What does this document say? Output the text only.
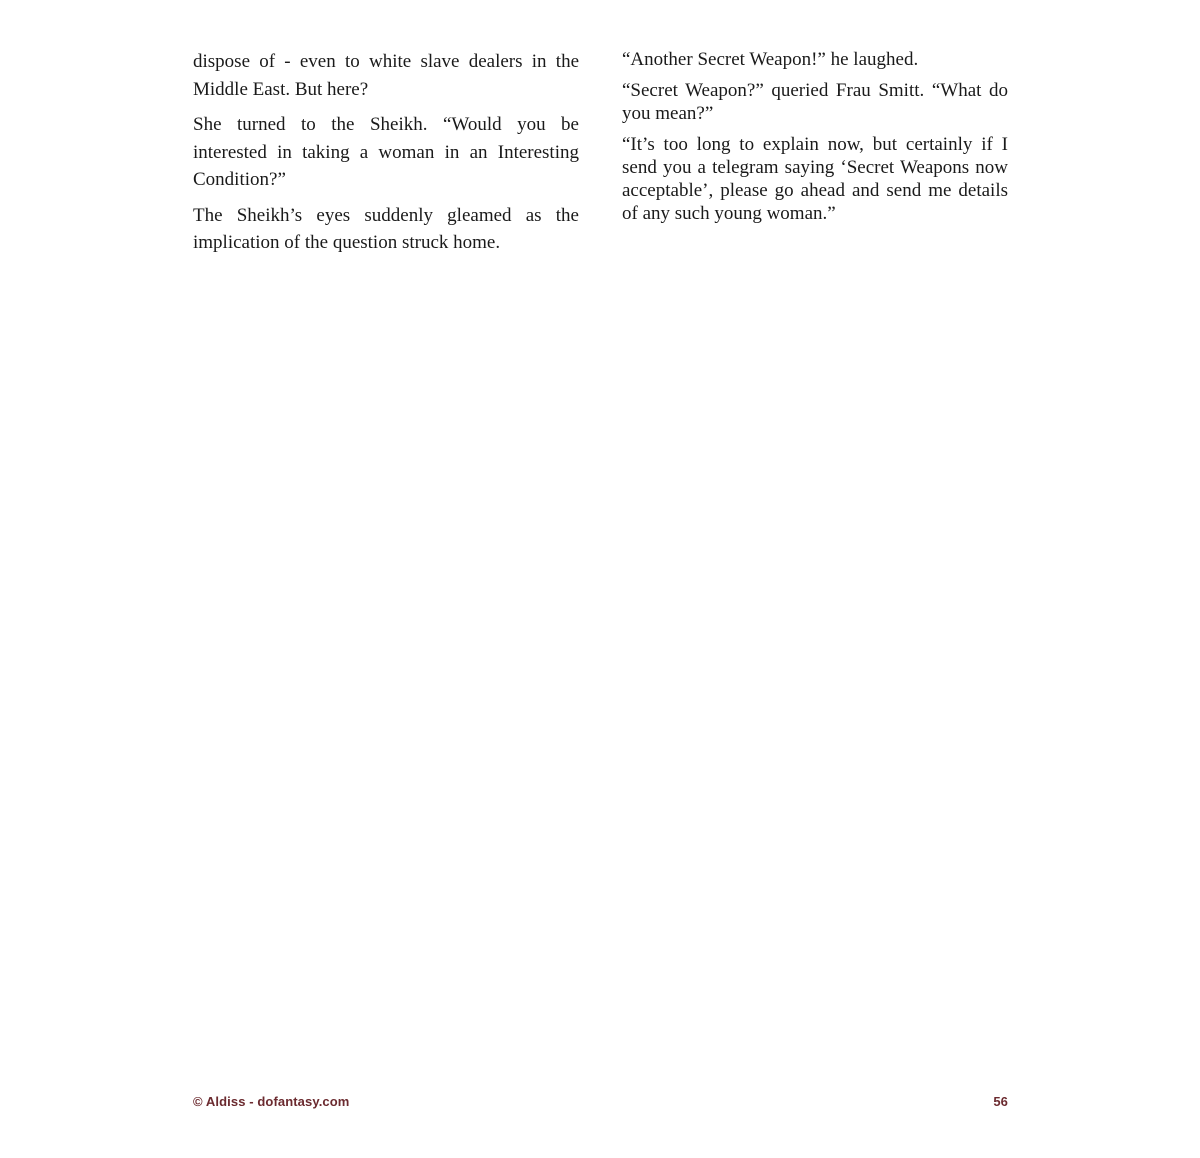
dispose of - even to white slave dealers in the Middle East. But here?

She turned to the Sheikh. “Would you be interested in taking a woman in an Interesting Condition?”

The Sheikh’s eyes suddenly gleamed as the implication of the question struck home.

“Another Secret Weapon!” he laughed.

“Secret Weapon?” queried Frau Smitt. “What do you mean?”

“It’s too long to explain now, but certainly if I send you a telegram saying ‘Secret Weapons now acceptable’, please go ahead and send me details of any such young woman.”

© Aldiss - dofantasy.com	56
